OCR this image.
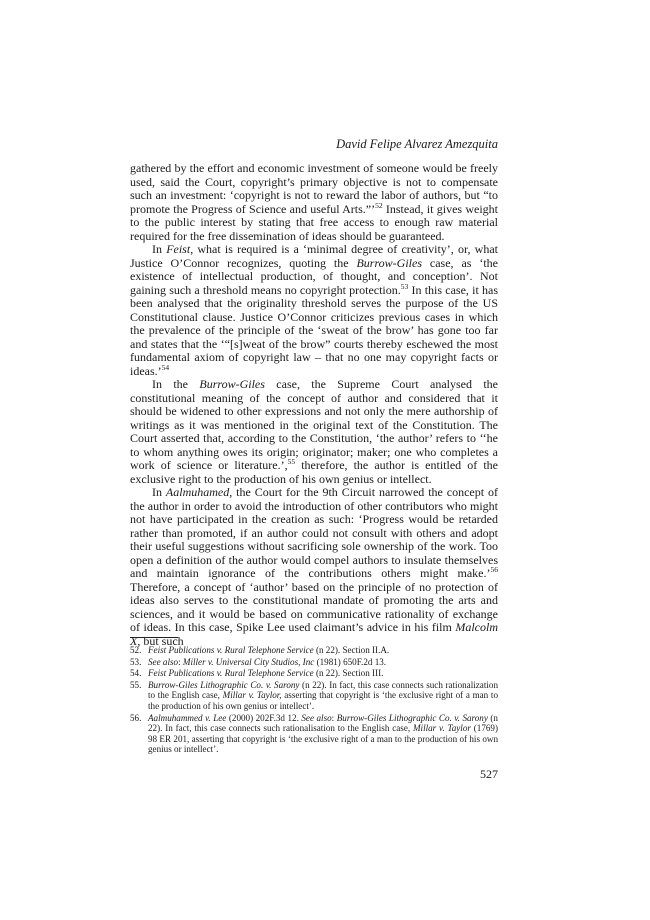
David Felipe Alvarez Amezquita

gathered by the effort and economic investment of someone would be freely used, said the Court, copyright’s primary objective is not to compensate such an investment: ‘copyright is not to reward the labor of authors, but “to promote the Progress of Science and useful Arts.”’$^{52}$ Instead, it gives weight to the public interest by stating that free access to enough raw material required for the free dissemination of ideas should be guaranteed.

In Feist, what is required is a ‘minimal degree of creativity’, or, what Justice O’Connor recognizes, quoting the Burrow-Giles case, as ‘the existence of intellectual production, of thought, and conception’. Not gaining such a threshold means no copyright protection.$^{53}$ In this case, it has been analysed that the originality threshold serves the purpose of the US Constitutional clause. Justice O’Connor criticizes previous cases in which the prevalence of the principle of the ‘sweat of the brow’ has gone too far and states that the ‘“[s]weat of the brow” courts thereby eschewed the most fundamental axiom of copyright law – that no one may copyright facts or ideas.’$^{54}$

In the Burrow-Giles case, the Supreme Court analysed the constitutional meaning of the concept of author and considered that it should be widened to other expressions and not only the mere authorship of writings as it was mentioned in the original text of the Constitution. The Court asserted that, according to the Constitution, ‘the author’ refers to ‘‘he to whom anything owes its origin; originator; maker; one who completes a work of science or literature.’,$^{55}$ therefore, the author is entitled of the exclusive right to the production of his own genius or intellect.

In Aalmuhamed, the Court for the 9th Circuit narrowed the concept of the author in order to avoid the introduction of other contributors who might not have participated in the creation as such: ‘Progress would be retarded rather than promoted, if an author could not consult with others and adopt their useful suggestions without sacrificing sole ownership of the work. Too open a definition of the author would compel authors to insulate themselves and maintain ignorance of the contributions others might make.’$^{56}$ Therefore, a concept of ‘author’ based on the principle of no protection of ideas also serves to the constitutional mandate of promoting the arts and sciences, and it would be based on communicative rationality of exchange of ideas. In this case, Spike Lee used claimant’s advice in his film Malcolm X, but such

52. Feist Publications v. Rural Telephone Service (n 22). Section II.A.
53. See also: Miller v. Universal City Studios, Inc (1981) 650F.2d 13.
54. Feist Publications v. Rural Telephone Service (n 22). Section III.
55. Burrow-Giles Lithographic Co. v. Sarony (n 22). In fact, this case connects such rationalization to the English case, Millar v. Taylor, asserting that copyright is ‘the exclusive right of a man to the production of his own genius or intellect’.
56. Aalmuhammed v. Lee (2000) 202F.3d 12. See also: Burrow-Giles Lithographic Co. v. Sarony (n 22). In fact, this case connects such rationalisation to the English case, Millar v. Taylor (1769) 98 ER 201, asserting that copyright is ‘the exclusive right of a man to the production of his own genius or intellect’.
527
